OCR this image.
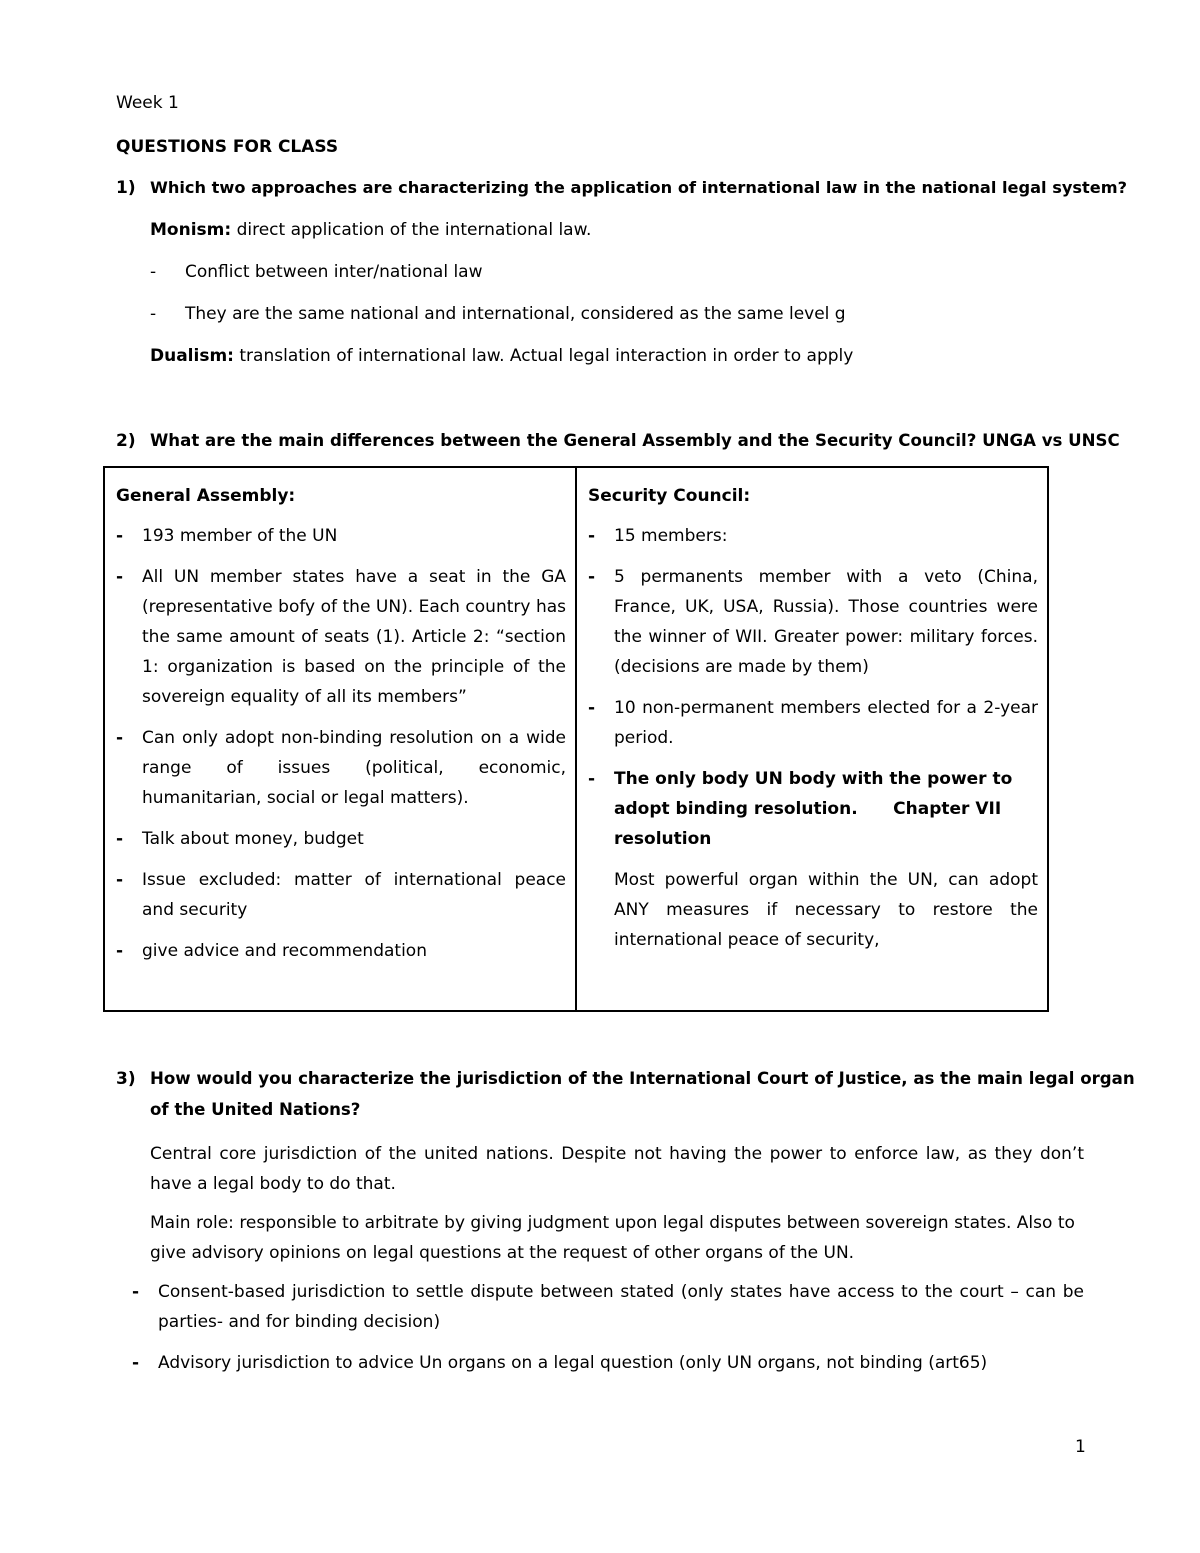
Week 1
QUESTIONS FOR CLASS
1) Which two approaches are characterizing the application of international law in the national legal system?
Monism: direct application of the international law.
- Conflict between inter/national law
- They are the same national and international, considered as the same level g
Dualism: translation of international law. Actual legal interaction in order to apply
2) What are the main differences between the General Assembly and the Security Council? UNGA vs UNSC

General Assembly:
- 193 member of the UN
- All UN member states have a seat in the GA (representative bofy of the UN). Each country has the same amount of seats (1). Article 2: “section 1: organization is based on the principle of the sovereign equality of all its members”
- Can only adopt non-binding resolution on a wide range of issues (political, economic, humanitarian, social or legal matters).
- Talk about money, budget
- Issue excluded: matter of international peace and security
- give advice and recommendation
Security Council:
- 15 members:
- 5 permanents member with a veto (China, France, UK, USA, Russia). Those countries were the winner of WII. Greater power: military forces. (decisions are made by them)
- 10 non-permanent members elected for a 2-year period.
- The only body UN body with the power to adopt binding resolution.      Chapter VII resolution
Most powerful organ within the UN, can adopt ANY measures if necessary to restore the international peace of security,
3) How would you characterize the jurisdiction of the International Court of Justice, as the main legal organ
of the United Nations?
Central core jurisdiction of the united nations. Despite not having the power to enforce law, as they don’t have a legal body to do that.
Main role: responsible to arbitrate by giving judgment upon legal disputes between sovereign states. Also to give advisory opinions on legal questions at the request of other organs of the UN.
- Consent-based jurisdiction to settle dispute between stated (only states have access to the court – can be parties- and for binding decision)
- Advisory jurisdiction to advice Un organs on a legal question (only UN organs, not binding (art65)
1
